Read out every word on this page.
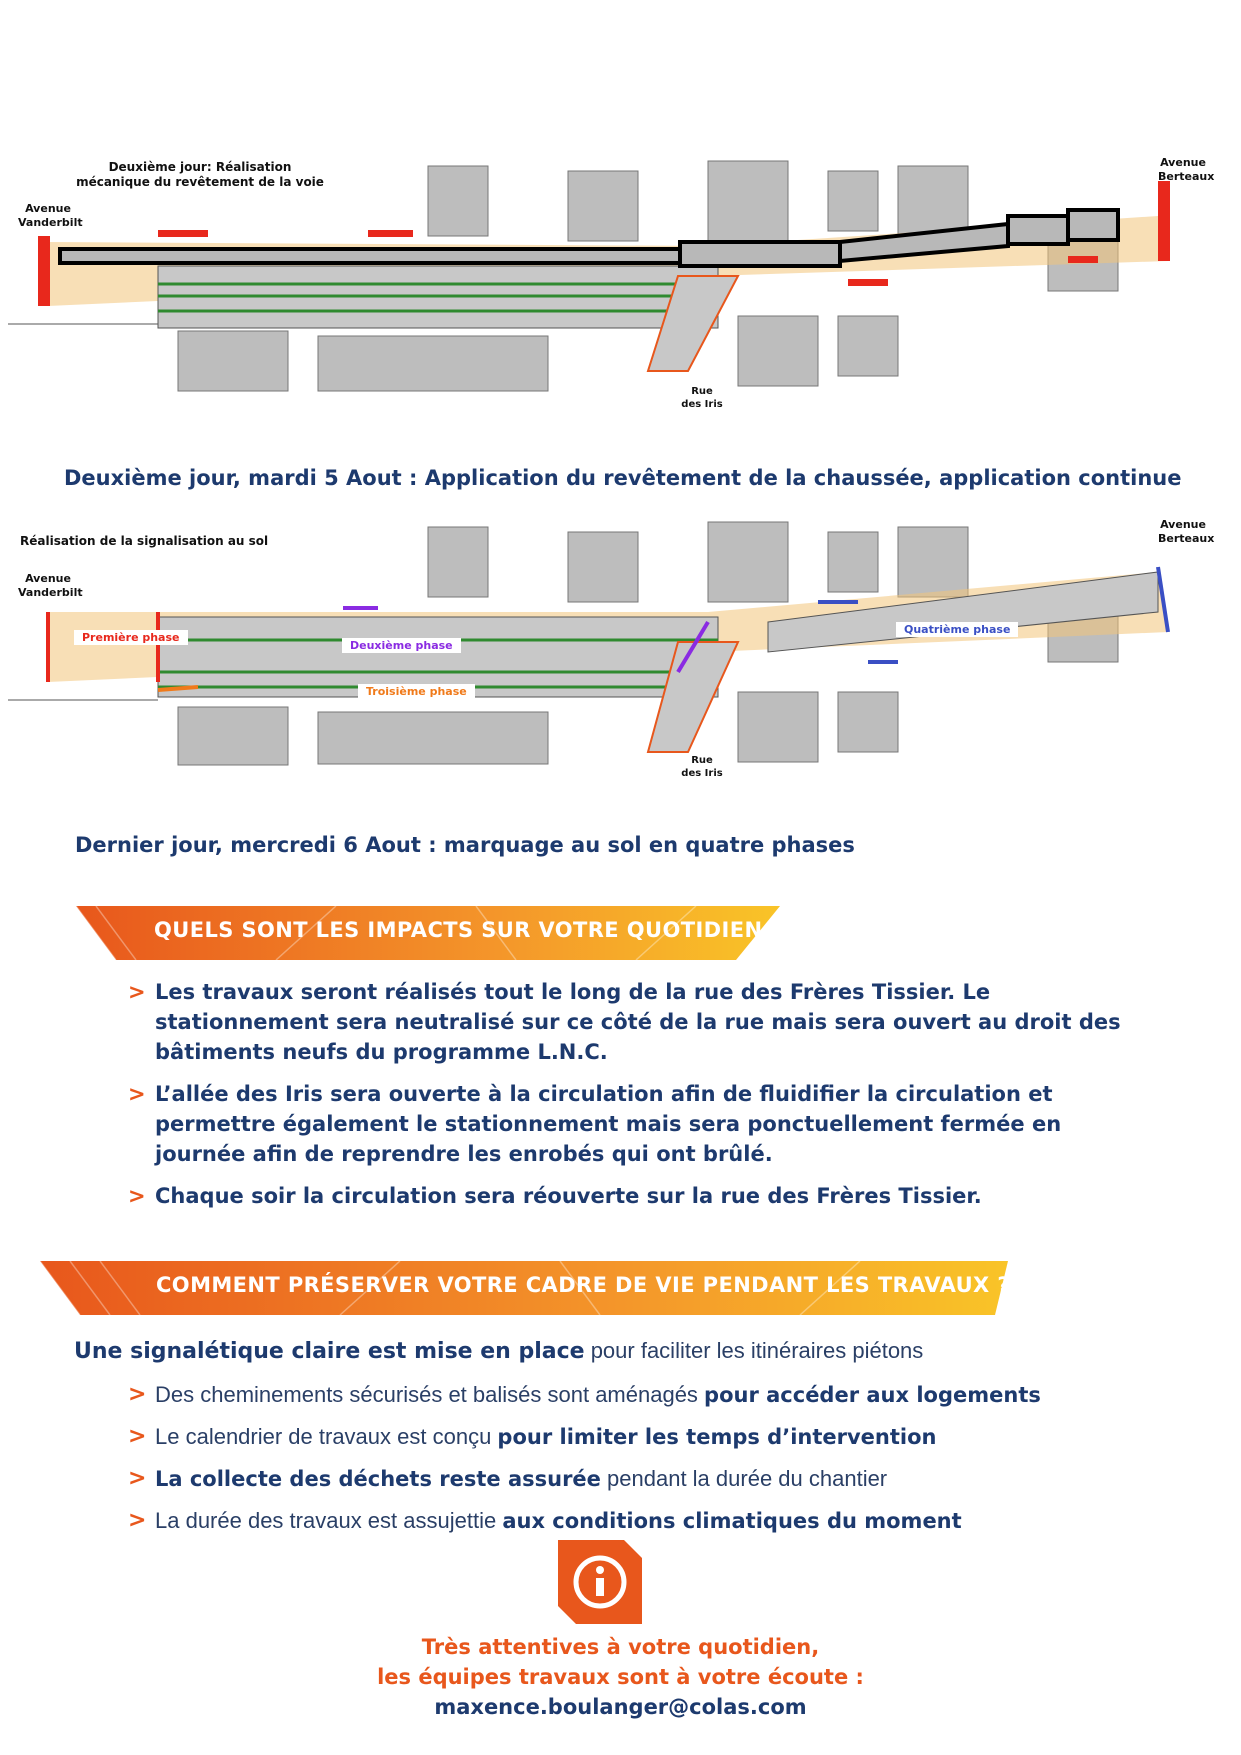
Deuxième jour: Réalisation
mécanique du revêtement de la voie
Avenue
Vanderbilt
Avenue
Berteaux
Rue
des Iris
Deuxième jour, mardi 5 Aout : Application du revêtement de la chaussée, application continue
Réalisation de la signalisation au sol
Avenue
Vanderbilt
Avenue
Berteaux
Rue
des Iris
Première phase
Deuxième phase
Troisième phase
Quatrième phase
Dernier jour, mercredi 6 Aout : marquage au sol en quatre phases
QUELS SONT LES IMPACTS SUR VOTRE QUOTIDIEN ?
> Les travaux seront réalisés tout le long de la rue des Frères Tissier. Le stationnement sera neutralisé sur ce côté de la rue mais sera ouvert au droit des bâtiments neufs du programme L.N.C.
> L’allée des Iris sera ouverte à la circulation afin de fluidifier la circulation et permettre également le stationnement mais sera ponctuellement fermée en journée afin de reprendre les enrobés qui ont brûlé.
> Chaque soir la circulation sera réouverte sur la rue des Frères Tissier.
COMMENT PRÉSERVER VOTRE CADRE DE VIE PENDANT LES TRAVAUX ?
Une signalétique claire est mise en place pour faciliter les itinéraires piétons
> Des cheminements sécurisés et balisés sont aménagés pour accéder aux logements
> Le calendrier de travaux est conçu pour limiter les temps d’intervention
> La collecte des déchets reste assurée pendant la durée du chantier
> La durée des travaux est assujettie aux conditions climatiques du moment
Très attentives à votre quotidien,
les équipes travaux sont à votre écoute :
maxence.boulanger@colas.com
